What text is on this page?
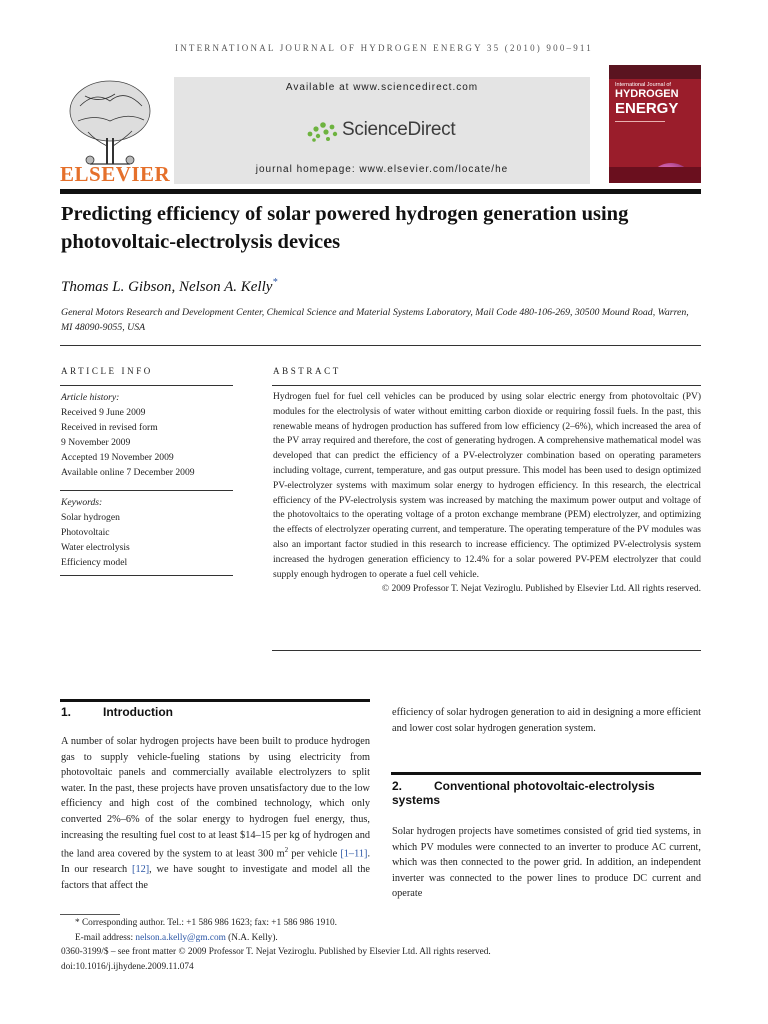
INTERNATIONAL JOURNAL OF HYDROGEN ENERGY 35 (2010) 900–911
ELSEVIER
Available at www.sciencedirect.com
ScienceDirect
journal homepage: www.elsevier.com/locate/he
International Journal of
HYDROGEN
ENERGY
Predicting efficiency of solar powered hydrogen generation using photovoltaic-electrolysis devices
Thomas L. Gibson, Nelson A. Kelly*
General Motors Research and Development Center, Chemical Science and Material Systems Laboratory, Mail Code 480-106-269, 30500 Mound Road, Warren, MI 48090-9055, USA
ARTICLE INFO	ABSTRACT
Article history:
Received 9 June 2009
Received in revised form
9 November 2009
Accepted 19 November 2009
Available online 7 December 2009
Keywords:
Solar hydrogen
Photovoltaic
Water electrolysis
Efficiency model
Hydrogen fuel for fuel cell vehicles can be produced by using solar electric energy from photovoltaic (PV) modules for the electrolysis of water without emitting carbon dioxide or requiring fossil fuels. In the past, this renewable means of hydrogen production has suffered from low efficiency (2–6%), which increased the area of the PV array required and therefore, the cost of generating hydrogen. A comprehensive mathematical model was developed that can predict the efficiency of a PV-electrolyzer combination based on operating parameters including voltage, current, temperature, and gas output pressure. This model has been used to design optimized PV-electrolyzer systems with maximum solar energy to hydrogen efficiency. In this research, the electrical efficiency of the PV-electrolysis system was increased by matching the maximum power output and voltage of the photovoltaics to the operating voltage of a proton exchange membrane (PEM) electrolyzer, and optimizing the effects of electrolyzer operating current, and temperature. The operating temperature of the PV modules was also an important factor studied in this research to increase efficiency. The optimized PV-electrolysis system increased the hydrogen generation efficiency to 12.4% for a solar powered PV-PEM electrolyzer that could supply enough hydrogen to operate a fuel cell vehicle.
© 2009 Professor T. Nejat Veziroglu. Published by Elsevier Ltd. All rights reserved.
1.	Introduction
A number of solar hydrogen projects have been built to produce hydrogen gas to supply vehicle-fueling stations by using electricity from photovoltaic panels and commercially available electrolyzers to split water. In the past, these projects have proven unsatisfactory due to the low efficiency and high cost of the combined technology, which only converted 2%–6% of the solar energy to hydrogen fuel energy, thus, increasing the resulting fuel cost to at least $14–15 per kg of hydrogen and the land area covered by the system to at least 300 $m^2$ per vehicle [1–11]. In our research [12], we have sought to investigate and model all the factors that affect the
efficiency of solar hydrogen generation to aid in designing a more efficient and lower cost solar hydrogen generation system.
2.	Conventional photovoltaic-electrolysis systems
Solar hydrogen projects have sometimes consisted of grid tied systems, in which PV modules were connected to an inverter to produce AC current, which was then connected to the power grid. In addition, an independent inverter was connected to the power lines to produce DC current and operate
* Corresponding author. Tel.: +1 586 986 1623; fax: +1 586 986 1910.
E-mail address: nelson.a.kelly@gm.com (N.A. Kelly).
0360-3199/$ – see front matter © 2009 Professor T. Nejat Veziroglu. Published by Elsevier Ltd. All rights reserved.
doi:10.1016/j.ijhydene.2009.11.074
